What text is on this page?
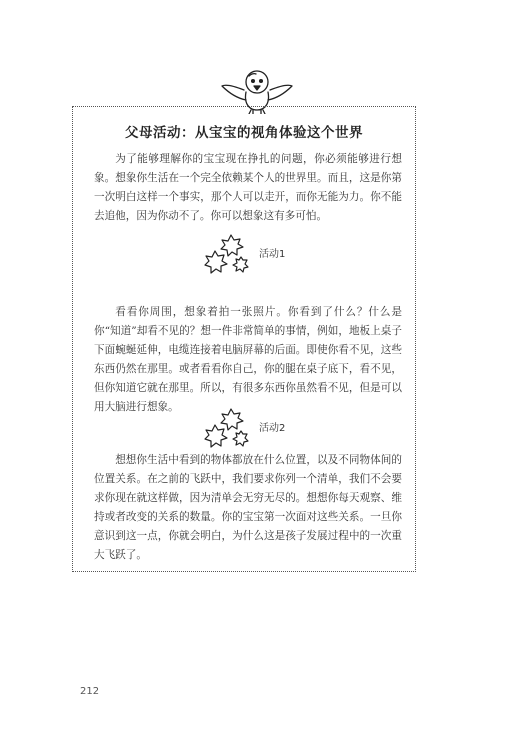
父母活动：从宝宝的视角体验这个世界

为了能够理解你的宝宝现在挣扎的问题，你必须能够进行想象。想象你生活在一个完全依赖某个人的世界里。而且，这是你第一次明白这样一个事实，那个人可以走开，而你无能为力。你不能去追他，因为你动不了。你可以想象这有多可怕。

活动1

看看你周围，想象着拍一张照片。你看到了什么？什么是你“知道”却看不见的？想一件非常简单的事情，例如，地板上桌子下面蜿蜒延伸，电缆连接着电脑屏幕的后面。即使你看不见，这些东西仍然在那里。或者看看你自己，你的腿在桌子底下，看不见，但你知道它就在那里。所以，有很多东西你虽然看不见，但是可以用大脑进行想象。

活动2

想想你生活中看到的物体都放在什么位置，以及不同物体间的位置关系。在之前的飞跃中，我们要求你列一个清单，我们不会要求你现在就这样做，因为清单会无穷无尽的。想想你每天观察、维持或者改变的关系的数量。你的宝宝第一次面对这些关系。一旦你意识到这一点，你就会明白，为什么这是孩子发展过程中的一次重大飞跃了。

212
